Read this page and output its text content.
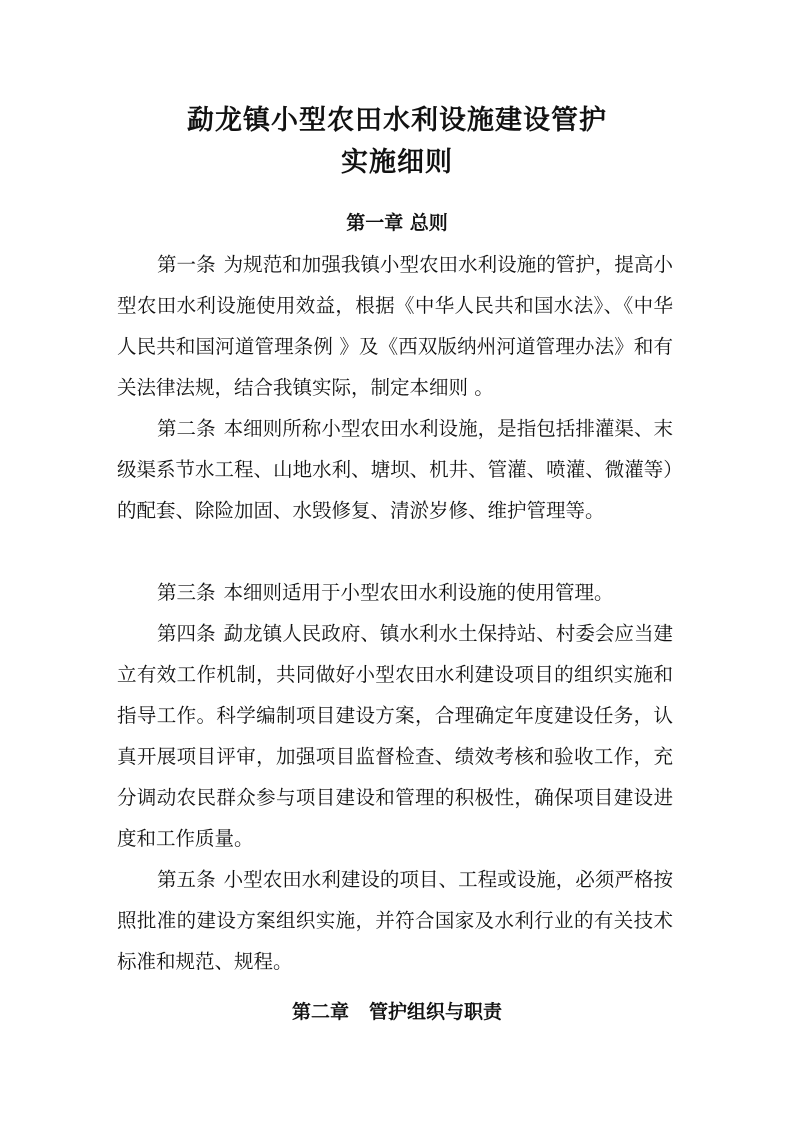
勐龙镇小型农田水利设施建设管护
实施细则
第一章 总则

第一条 为规范和加强我镇小型农田水利设施的管护，提高小型农田水利设施使用效益，根据《中华人民共和国水法》、《中华人民共和国河道管理条例 》及《西双版纳州河道管理办法》和有关法律法规，结合我镇实际，制定本细则 。

第二条 本细则所称小型农田水利设施，是指包括排灌渠、末级渠系节水工程、山地水利、塘坝、机井、管灌、喷灌、微灌等）的配套、除险加固、水毁修复、清淤岁修、维护管理等。

第三条 本细则适用于小型农田水利设施的使用管理。

第四条 勐龙镇人民政府、镇水利水土保持站、村委会应当建立有效工作机制，共同做好小型农田水利建设项目的组织实施和指导工作。科学编制项目建设方案，合理确定年度建设任务，认真开展项目评审，加强项目监督检查、绩效考核和验收工作，充分调动农民群众参与项目建设和管理的积极性，确保项目建设进度和工作质量。

第五条 小型农田水利建设的项目、工程或设施，必须严格按照批准的建设方案组织实施，并符合国家及水利行业的有关技术标准和规范、规程。

第二章 管护组织与职责
